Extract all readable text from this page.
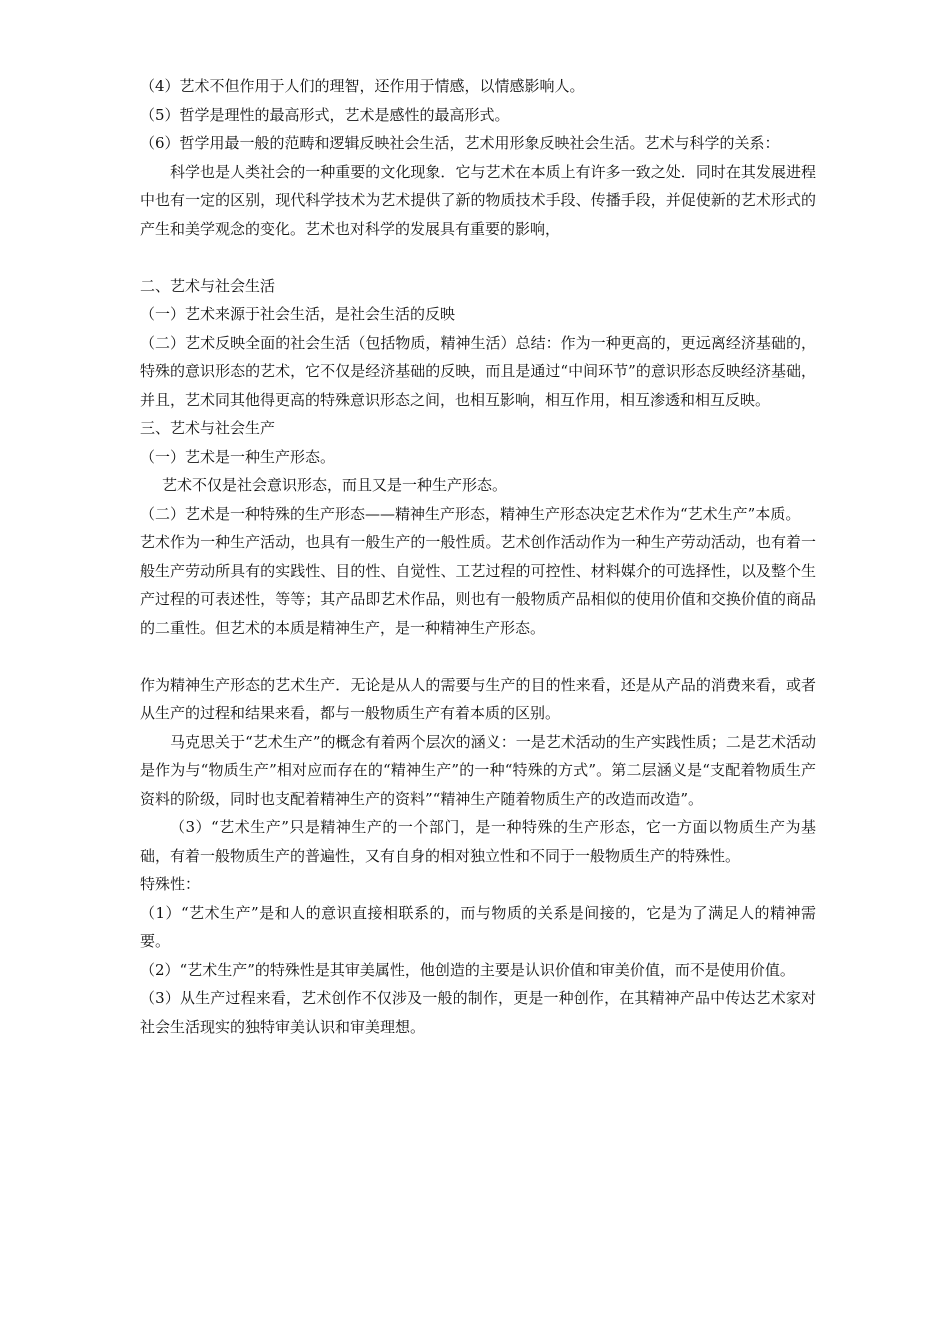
（4）艺术不但作用于人们的理智，还作用于情感，以情感影响人。

（5）哲学是理性的最高形式，艺术是感性的最高形式。

（6）哲学用最一般的范畴和逻辑反映社会生活，艺术用形象反映社会生活。艺术与科学的关系：

科学也是人类社会的一种重要的文化现象．它与艺术在本质上有许多一致之处．同时在其发展进程中也有一定的区别，现代科学技术为艺术提供了新的物质技术手段、传播手段，并促使新的艺术形式的产生和美学观念的变化。艺术也对科学的发展具有重要的影响，

二、艺术与社会生活

（一）艺术来源于社会生活，是社会生活的反映

（二）艺术反映全面的社会生活（包括物质，精神生活）总结：作为一种更高的，更远离经济基础的，特殊的意识形态的艺术，它不仅是经济基础的反映，而且是通过“中间环节”的意识形态反映经济基础，并且，艺术同其他得更高的特殊意识形态之间，也相互影响，相互作用，相互渗透和相互反映。

三、艺术与社会生产

（一）艺术是一种生产形态。

艺术不仅是社会意识形态，而且又是一种生产形态。

（二）艺术是一种特殊的生产形态——精神生产形态，精神生产形态决定艺术作为“艺术生产”本质。

艺术作为一种生产活动，也具有一般生产的一般性质。艺术创作活动作为一种生产劳动活动，也有着一般生产劳动所具有的实践性、目的性、自觉性、工艺过程的可控性、材料媒介的可选择性，以及整个生产过程的可表述性，等等；其产品即艺术作品，则也有一般物质产品相似的使用价值和交换价值的商品的二重性。但艺术的本质是精神生产，是一种精神生产形态。

作为精神生产形态的艺术生产．无论是从人的需要与生产的目的性来看，还是从产品的消费来看，或者从生产的过程和结果来看，都与一般物质生产有着本质的区别。

马克思关于“艺术生产”的概念有着两个层次的涵义：一是艺术活动的生产实践性质；二是艺术活动是作为与“物质生产”相对应而存在的“精神生产”的一种“特殊的方式”。第二层涵义是“支配着物质生产资料的阶级，同时也支配着精神生产的资料”“精神生产随着物质生产的改造而改造”。

（3）“艺术生产”只是精神生产的一个部门，是一种特殊的生产形态，它一方面以物质生产为基础，有着一般物质生产的普遍性，又有自身的相对独立性和不同于一般物质生产的特殊性。

特殊性：

（1）“艺术生产”是和人的意识直接相联系的，而与物质的关系是间接的，它是为了满足人的精神需要。

（2）“艺术生产”的特殊性是其审美属性，他创造的主要是认识价值和审美价值，而不是使用价值。

（3）从生产过程来看，艺术创作不仅涉及一般的制作，更是一种创作，在其精神产品中传达艺术家对社会生活现实的独特审美认识和审美理想。
